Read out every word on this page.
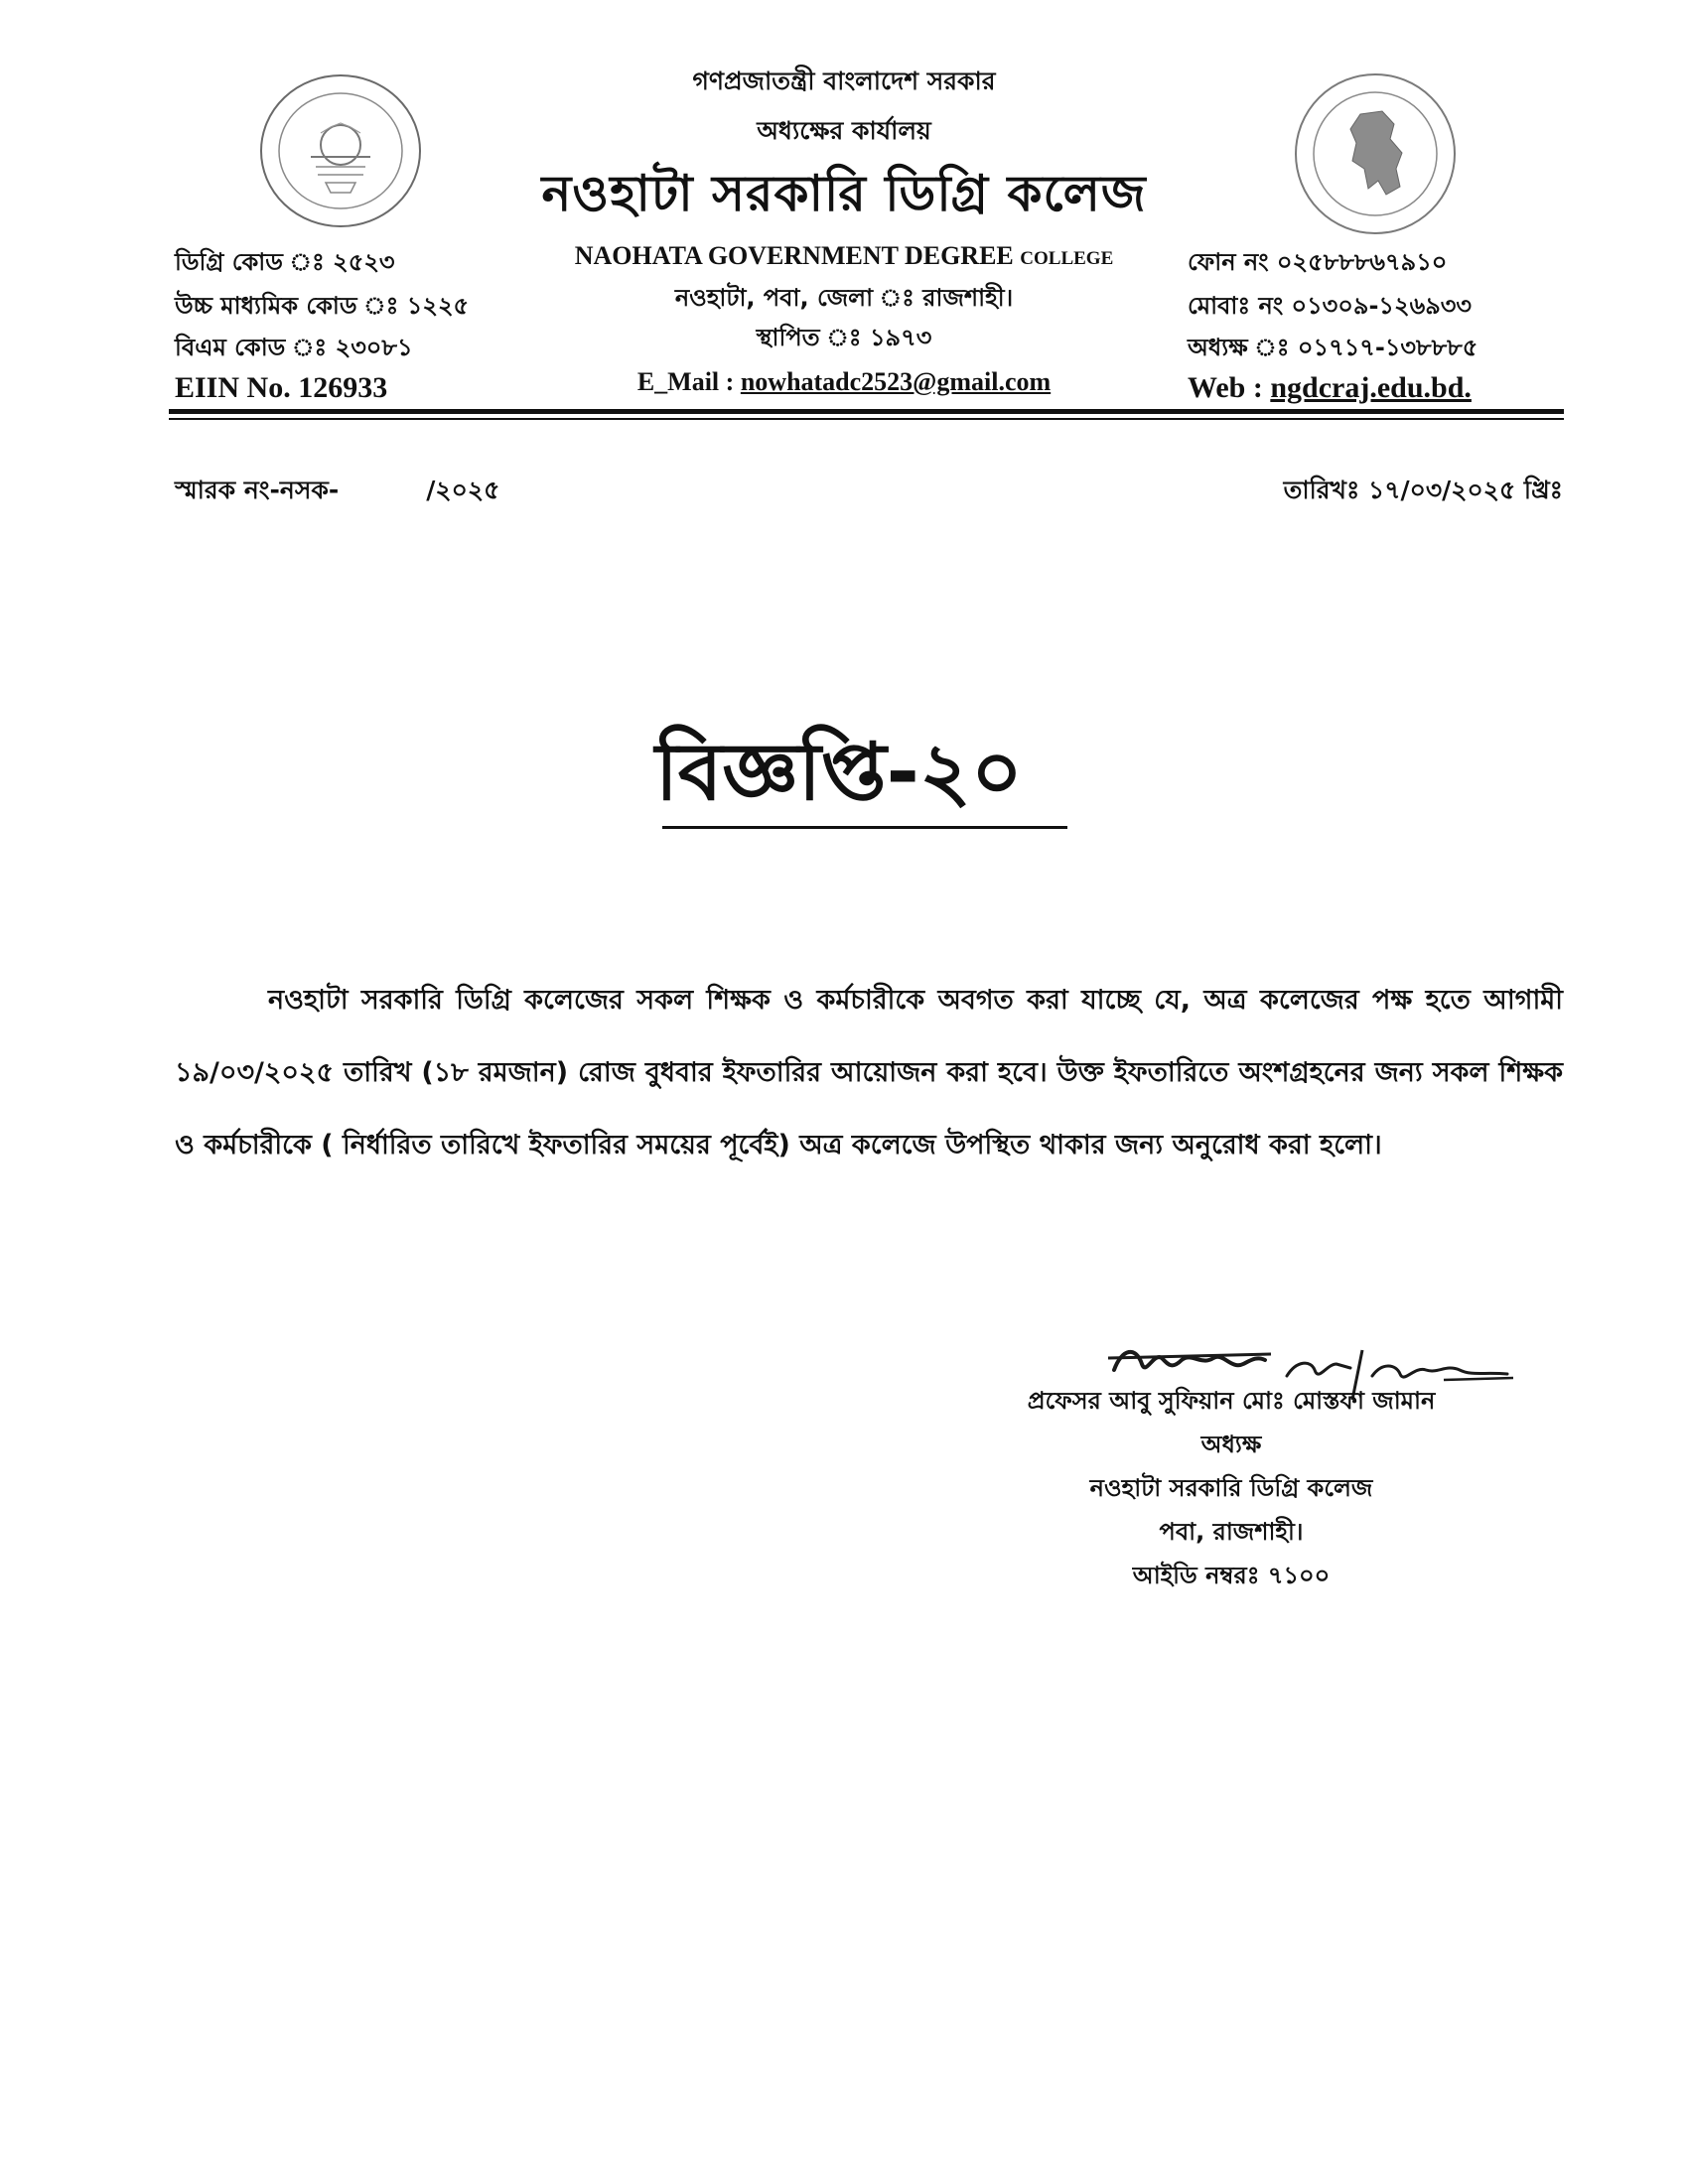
গণপ্রজাতন্ত্রী বাংলাদেশ সরকার
অধ্যক্ষের কার্যালয়
নওহাটা সরকারি ডিগ্রি কলেজ
NAOHATA GOVERNMENT DEGREE COLLEGE
নওহাটা, পবা, জেলা ঃ রাজশাহী।
স্থাপিত ঃ ১৯৭৩
E_Mail : nowhatadc2523@gmail.com
ডিগ্রি কোড ঃ ২৫২৩
উচ্চ মাধ্যমিক কোড ঃ ১২২৫
বিএম কোড ঃ ২৩০৮১
EIIN No. 126933
ফোন নং ০২৫৮৮৮৬৭৯১০
মোবাঃ নং ০১৩০৯-১২৬৯৩৩
অধ্যক্ষ ঃ ০১৭১৭-১৩৮৮৮৫
Web : ngdcraj.edu.bd.
স্মারক নং-নসক-	/২০২৫	তারিখঃ ১৭/০৩/২০২৫ খ্রিঃ
বিজ্ঞপ্তি-২০
নওহাটা সরকারি ডিগ্রি কলেজের সকল শিক্ষক ও কর্মচারীকে অবগত করা যাচ্ছে যে, অত্র কলেজের পক্ষ হতে আগামী ১৯/০৩/২০২৫ তারিখ (১৮ রমজান) রোজ বুধবার ইফতারির আয়োজন করা হবে। উক্ত ইফতারিতে অংশগ্রহনের জন্য সকল শিক্ষক ও কর্মচারীকে ( নির্ধারিত তারিখে ইফতারির সময়ের পূর্বেই) অত্র কলেজে উপস্থিত থাকার জন্য অনুরোধ করা হলো।
প্রফেসর আবু সুফিয়ান মোঃ মোস্তফা জামান
অধ্যক্ষ
নওহাটা সরকারি ডিগ্রি কলেজ
পবা, রাজশাহী।
আইডি নম্বরঃ ৭১০০
